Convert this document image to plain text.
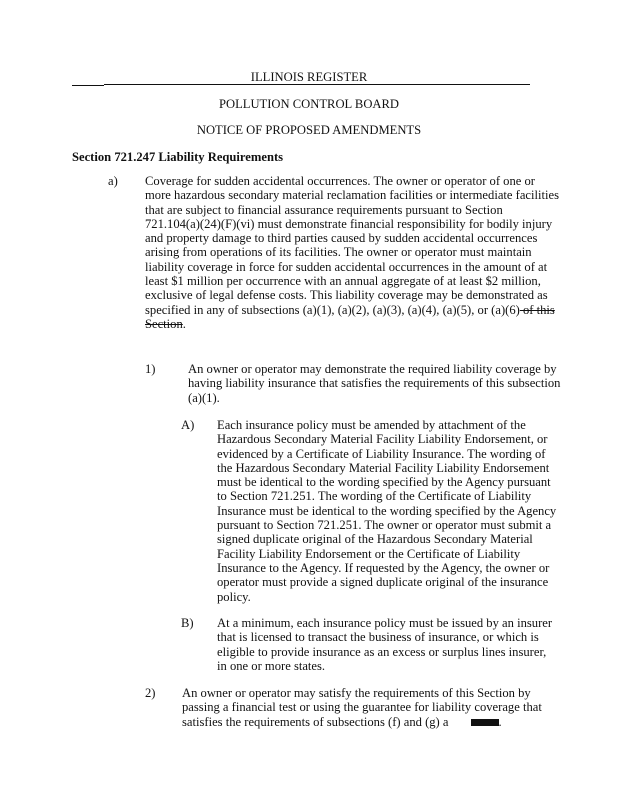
ILLINOIS REGISTER
POLLUTION CONTROL BOARD
NOTICE OF PROPOSED AMENDMENTS
Section 721.247 Liability Requirements
a) Coverage for sudden accidental occurrences. The owner or operator of one or
more hazardous secondary material reclamation facilities or intermediate facilities
that are subject to financial assurance requirements pursuant to Section
721.104(a)(24)(F)(vi) must demonstrate financial responsibility for bodily injury
and property damage to third parties caused by sudden accidental occurrences
arising from operations of its facilities. The owner or operator must maintain
liability coverage in force for sudden accidental occurrences in the amount of at
least $1 million per occurrence with an annual aggregate of at least $2 million,
exclusive of legal defense costs. This liability coverage may be demonstrated as
specified in any of subsections (a)(1), (a)(2), (a)(3), (a)(4), (a)(5), or (a)(6) of this
Section.
1)	An owner or operator may demonstrate the required liability coverage by
having liability insurance that satisfies the requirements of this subsection
(a)(1).
A) Each insurance policy must be amended by attachment of the
Hazardous Secondary Material Facility Liability Endorsement, or
evidenced by a Certificate of Liability Insurance. The wording of
the Hazardous Secondary Material Facility Liability Endorsement
must be identical to the wording specified by the Agency pursuant
to Section 721.251. The wording of the Certificate of Liability
Insurance must be identical to the wording specified by the Agency
pursuant to Section 721.251. The owner or operator must submit a
signed duplicate original of the Hazardous Secondary Material
Facility Liability Endorsement or the Certificate of Liability
Insurance to the Agency. If requested by the Agency, the owner or
operator must provide a signed duplicate original of the insurance
policy.
B) At a minimum, each insurance policy must be issued by an insurer
that is licensed to transact the business of insurance, or which is
eligible to provide insurance as an excess or surplus lines insurer,
in one or more states.
2) An owner or operator may satisfy the requirements of this Section by
passing a financial test or using the guarantee for liability coverage that
satisfies the requirements of subsections (f) and (g) a	.
